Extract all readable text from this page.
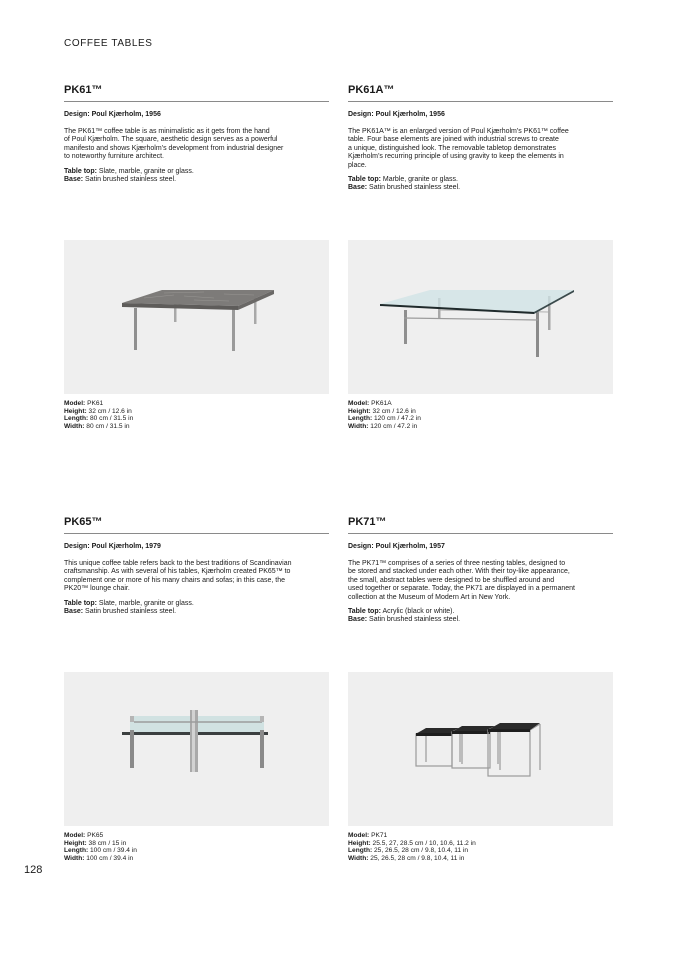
COFFEE TABLES
PK61™
Design: Poul Kjærholm, 1956
The PK61™ coffee table is as minimalistic as it gets from the hand
of Poul Kjærholm. The square, aesthetic design serves as a powerful
manifesto and shows Kjærholm’s development from industrial designer
to noteworthy furniture architect.
Table top: Slate, marble, granite or glass.
Base: Satin brushed stainless steel.
Model: PK61
Height: 32 cm / 12.6 in
Length: 80 cm / 31.5 in
Width: 80 cm / 31.5 in
PK61A™
Design: Poul Kjærholm, 1956
The PK61A™ is an enlarged version of Poul Kjærholm’s PK61™ coffee
table. Four base elements are joined with industrial screws to create
a unique, distinguished look. The removable tabletop demonstrates
Kjærholm’s recurring principle of using gravity to keep the elements in
place.
Table top: Marble, granite or glass.
Base: Satin brushed stainless steel.
Model: PK61A
Height: 32 cm / 12.6 in
Length: 120 cm / 47.2 in
Width: 120 cm / 47.2 in
PK65™
Design: Poul Kjærholm, 1979
This unique coffee table refers back to the best traditions of Scandinavian
craftsmanship. As with several of his tables, Kjærholm created PK65™ to
complement one or more of his many chairs and sofas; in this case, the
PK20™ lounge chair.
Table top: Slate, marble, granite or glass.
Base: Satin brushed stainless steel.
Model: PK65
Height: 38 cm / 15 in
Length: 100 cm / 39.4 in
Width: 100 cm / 39.4 in
PK71™
Design: Poul Kjærholm, 1957
The PK71™ comprises of a series of three nesting tables, designed to
be stored and stacked under each other. With their toy-like appearance,
the small, abstract tables were designed to be shuffled around and
used together or separate. Today, the PK71 are displayed in a permanent
collection at the Museum of Modern Art in New York.
Table top: Acrylic (black or white).
Base: Satin brushed stainless steel.
Model: PK71
Height: 25.5, 27, 28.5 cm / 10, 10.6, 11.2 in
Length: 25, 26.5, 28 cm / 9.8, 10.4, 11 in
Width: 25, 26.5, 28 cm / 9.8, 10.4, 11 in
128
